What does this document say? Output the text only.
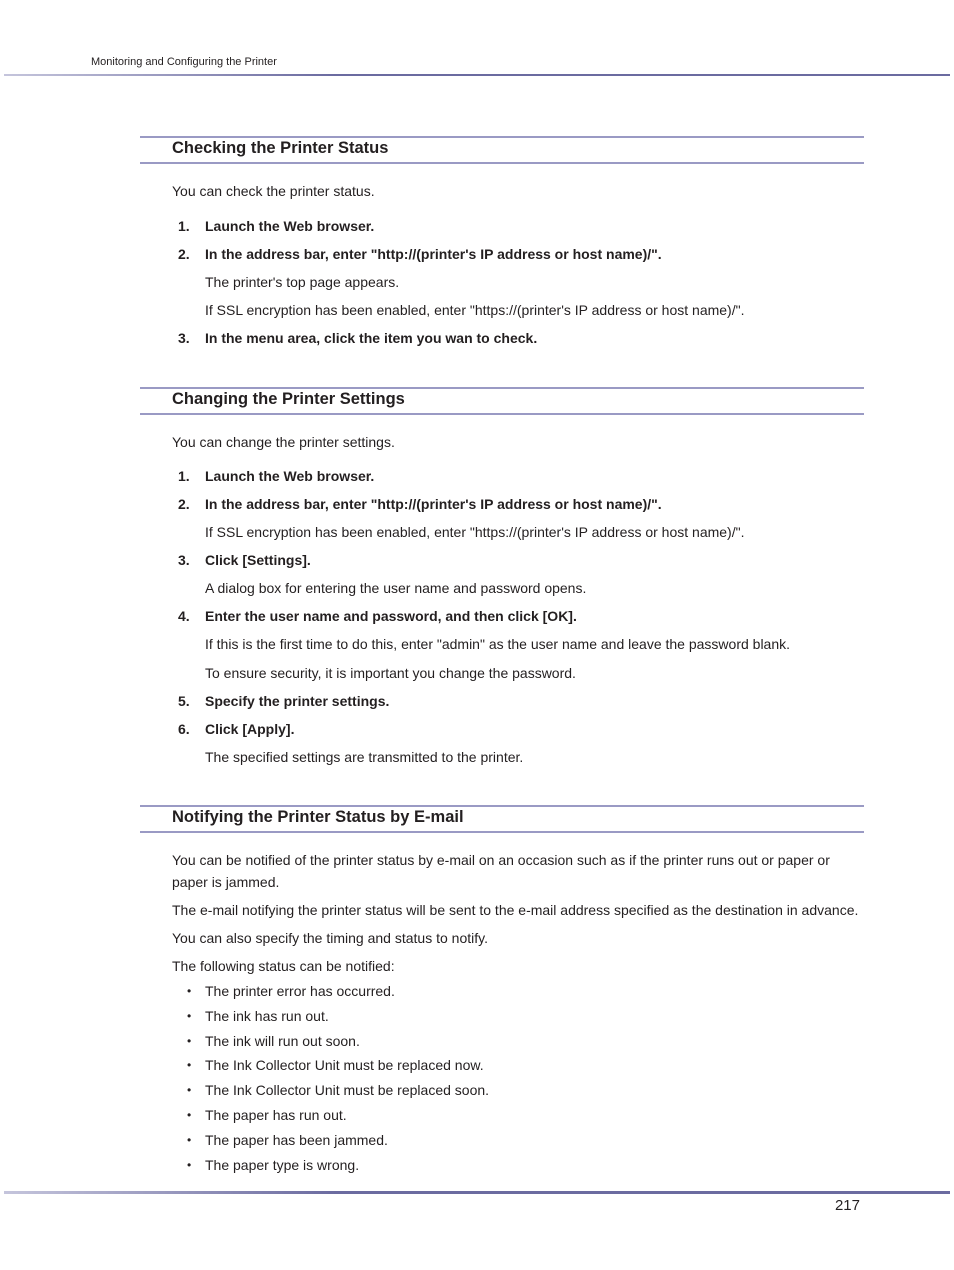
Monitoring and Configuring the Printer
Checking the Printer Status
You can check the printer status.
1. Launch the Web browser.
2. In the address bar, enter "http://(printer's IP address or host name)/".
The printer's top page appears.
If SSL encryption has been enabled, enter "https://(printer's IP address or host name)/".
3. In the menu area, click the item you wan to check.
Changing the Printer Settings
You can change the printer settings.
1. Launch the Web browser.
2. In the address bar, enter "http://(printer's IP address or host name)/".
If SSL encryption has been enabled, enter "https://(printer's IP address or host name)/".
3. Click [Settings].
A dialog box for entering the user name and password opens.
4. Enter the user name and password, and then click [OK].
If this is the first time to do this, enter "admin" as the user name and leave the password blank.
To ensure security, it is important you change the password.
5. Specify the printer settings.
6. Click [Apply].
The specified settings are transmitted to the printer.
Notifying the Printer Status by E-mail
You can be notified of the printer status by e-mail on an occasion such as if the printer runs out or paper or paper is jammed.
The e-mail notifying the printer status will be sent to the e-mail address specified as the destination in advance.
You can also specify the timing and status to notify.
The following status can be notified:
• The printer error has occurred.
• The ink has run out.
• The ink will run out soon.
• The Ink Collector Unit must be replaced now.
• The Ink Collector Unit must be replaced soon.
• The paper has run out.
• The paper has been jammed.
• The paper type is wrong.
217
